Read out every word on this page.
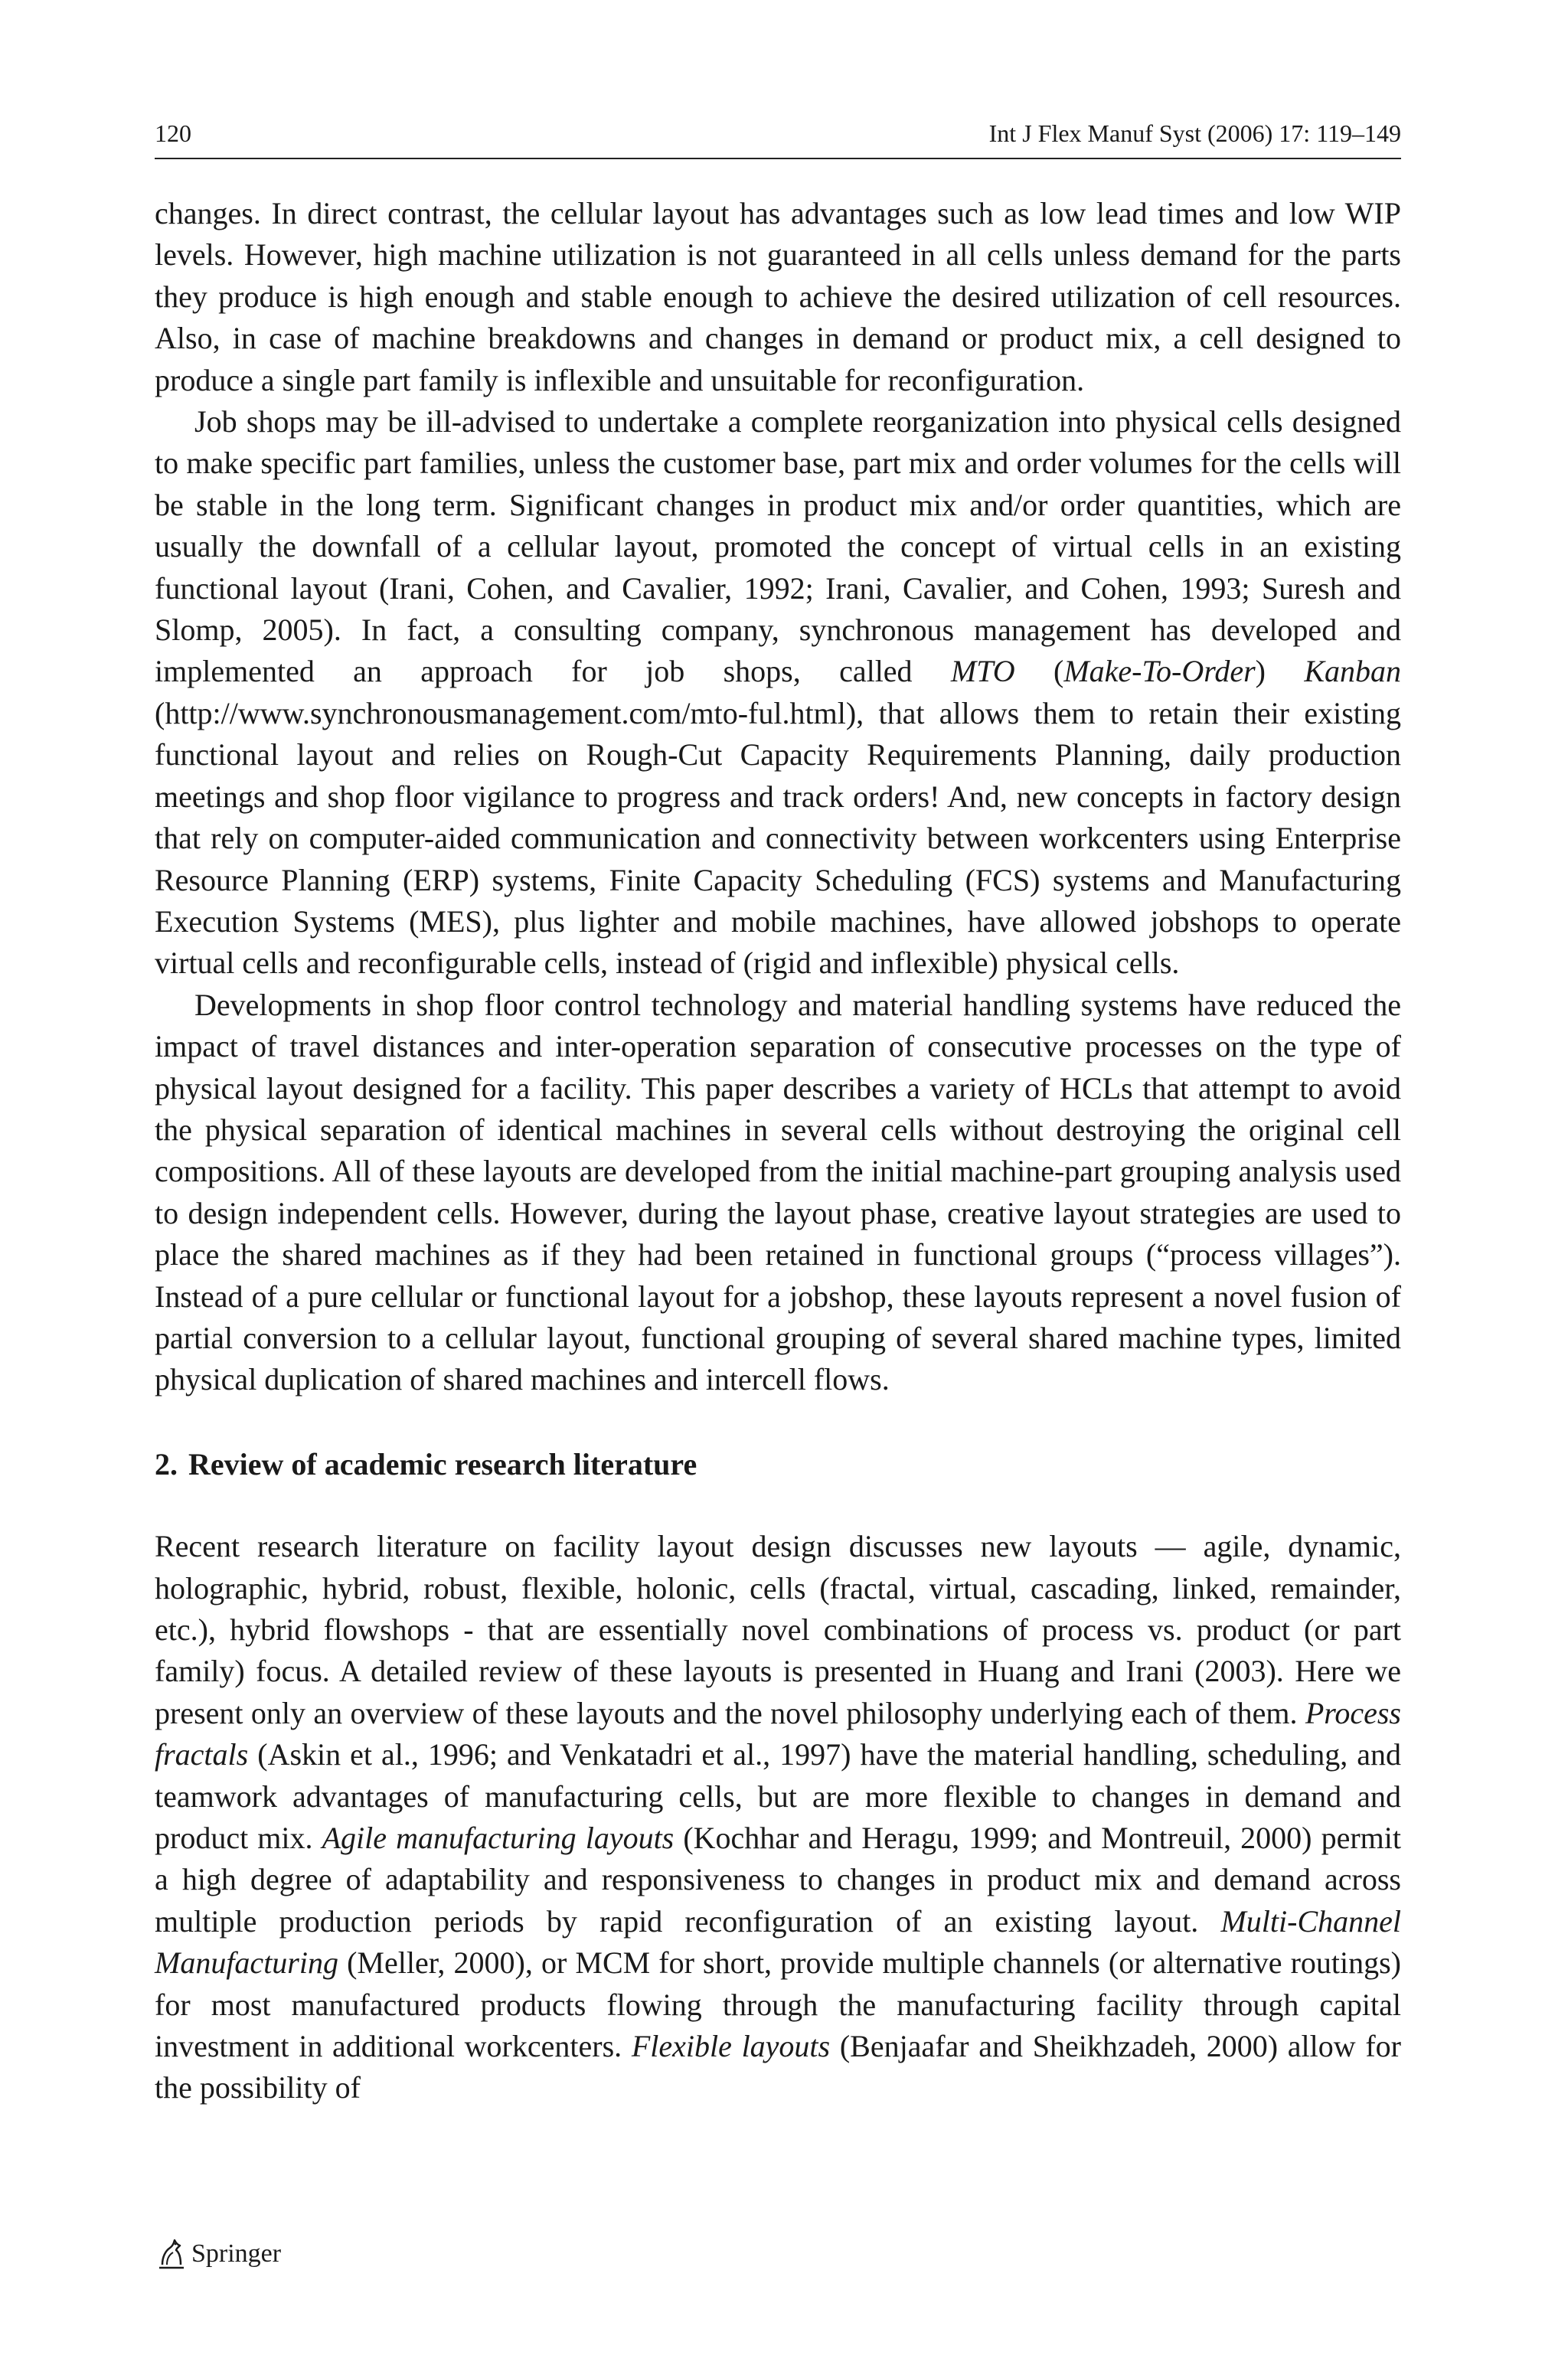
120	Int J Flex Manuf Syst (2006) 17: 119–149

changes. In direct contrast, the cellular layout has advantages such as low lead times and low WIP levels. However, high machine utilization is not guaranteed in all cells unless demand for the parts they produce is high enough and stable enough to achieve the desired utilization of cell resources. Also, in case of machine breakdowns and changes in demand or product mix, a cell designed to produce a single part family is inflexible and unsuitable for reconfiguration.

Job shops may be ill-advised to undertake a complete reorganization into physical cells designed to make specific part families, unless the customer base, part mix and order volumes for the cells will be stable in the long term. Significant changes in product mix and/or order quantities, which are usually the downfall of a cellular layout, promoted the concept of virtual cells in an existing functional layout (Irani, Cohen, and Cavalier, 1992; Irani, Cavalier, and Cohen, 1993; Suresh and Slomp, 2005). In fact, a consulting company, synchronous management has developed and implemented an approach for job shops, called MTO (Make-To-Order) Kanban (http://www.synchronousmanagement.com/mto-ful.html), that allows them to retain their existing functional layout and relies on Rough-Cut Capacity Requirements Planning, daily production meetings and shop floor vigilance to progress and track orders! And, new concepts in factory design that rely on computer-aided communication and connectivity between workcenters using Enterprise Resource Planning (ERP) systems, Finite Capacity Scheduling (FCS) systems and Manufacturing Execution Systems (MES), plus lighter and mobile machines, have allowed jobshops to operate virtual cells and reconfigurable cells, instead of (rigid and inflexible) physical cells.

Developments in shop floor control technology and material handling systems have reduced the impact of travel distances and inter-operation separation of consecutive processes on the type of physical layout designed for a facility. This paper describes a variety of HCLs that attempt to avoid the physical separation of identical machines in several cells without destroying the original cell compositions. All of these layouts are developed from the initial machine-part grouping analysis used to design independent cells. However, during the layout phase, creative layout strategies are used to place the shared machines as if they had been retained in functional groups (“process villages”). Instead of a pure cellular or functional layout for a jobshop, these layouts represent a novel fusion of partial conversion to a cellular layout, functional grouping of several shared machine types, limited physical duplication of shared machines and intercell flows.

2. Review of academic research literature

Recent research literature on facility layout design discusses new layouts — agile, dynamic, holographic, hybrid, robust, flexible, holonic, cells (fractal, virtual, cascading, linked, remainder, etc.), hybrid flowshops - that are essentially novel combinations of process vs. product (or part family) focus. A detailed review of these layouts is presented in Huang and Irani (2003). Here we present only an overview of these layouts and the novel philosophy underlying each of them. Process fractals (Askin et al., 1996; and Venkatadri et al., 1997) have the material handling, scheduling, and teamwork advantages of manufacturing cells, but are more flexible to changes in demand and product mix. Agile manufacturing layouts (Kochhar and Heragu, 1999; and Montreuil, 2000) permit a high degree of adaptability and responsiveness to changes in product mix and demand across multiple production periods by rapid reconfiguration of an existing layout. Multi-Channel Manufacturing (Meller, 2000), or MCM for short, provide multiple channels (or alternative routings) for most manufactured products flowing through the manufacturing facility through capital investment in additional workcenters. Flexible layouts (Benjaafar and Sheikhzadeh, 2000) allow for the possibility of

Springer
